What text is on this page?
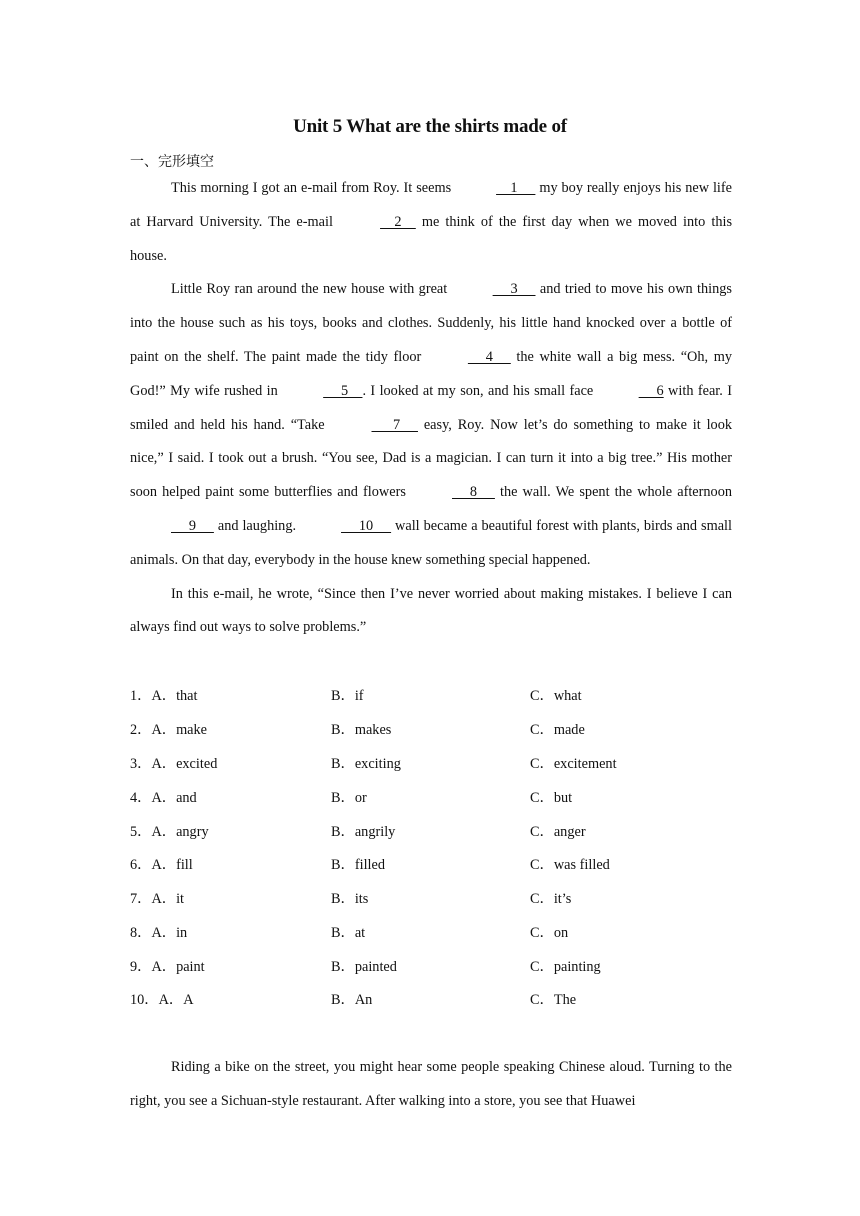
Unit 5 What are the shirts made of
一、完形填空

This morning I got an e-mail from Roy. It seems	1      my boy really enjoys his new life at Harvard University. The e-mail	2     me think of the first day when we moved into this house.

Little Roy ran around the new house with great	3      and tried to move his own things into the house such as his toys, books and clothes. Suddenly, his little hand knocked over a bottle of paint on the shelf. The paint made the tidy floor	4      the white wall a big mess. “Oh, my God!” My wife rushed in	5    . I looked at my son, and his small face	6 with fear. I smiled and held his hand. “Take	7      easy, Roy. Now let’s do something to make it look nice,” I said. I took out a brush. “You see, Dad is a magician. I can turn it into a big tree.” His mother soon helped paint some butterflies and flowers	8      the wall. We spent the whole afternoon      9      and laughing.	10      wall became a beautiful forest with plants, birds and small animals. On that day, everybody in the house knew something special happened.

In this e-mail, he wrote, “Since then I’ve never worried about making mistakes. I believe I can always find out ways to solve problems.”

1．A．that	B．if	C．what
2．A．make	B．makes	C．made
3．A．excited	B．exciting	C．excitement
4．A．and	B．or	C．but
5．A．angry	B．angrily	C．anger
6．A．fill	B．filled	C．was filled
7．A．it	B．its	C．it’s
8．A．in	B．at	C．on
9．A．paint	B．painted	C．painting
10．A．A	B．An	C．The

Riding a bike on the street, you might hear some people speaking Chinese aloud. Turning to the right, you see a Sichuan-style restaurant. After walking into a store, you see that Huawei
